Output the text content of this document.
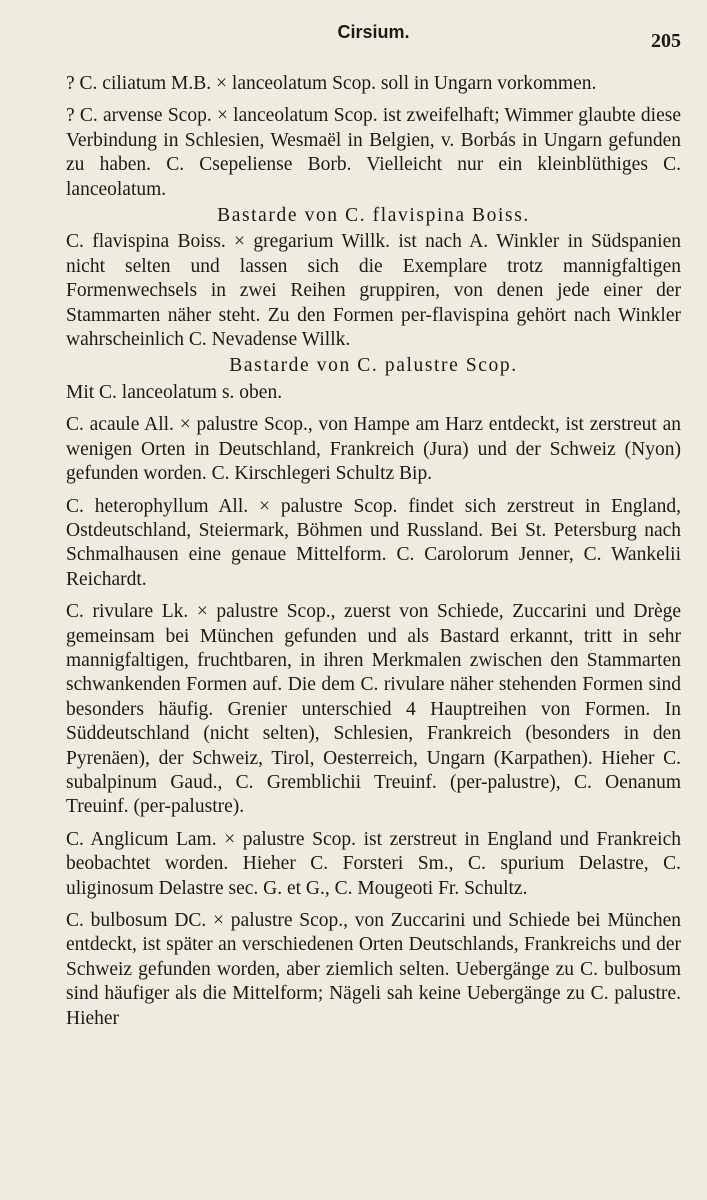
Cirsium.	205

? C. ciliatum M.B. × lanceolatum Scop. soll in Ungarn vorkommen.

? C. arvense Scop. × lanceolatum Scop. ist zweifelhaft; Wimmer glaubte diese Verbindung in Schlesien, Wesmaël in Belgien, v. Borbás in Ungarn gefunden zu haben. C. Csepeliense Borb. Vielleicht nur ein kleinblüthiges C. lanceolatum.

Bastarde von C. flavispina Boiss.

C. flavispina Boiss. × gregarium Willk. ist nach A. Winkler in Südspanien nicht selten und lassen sich die Exemplare trotz mannigfaltigen Formenwechsels in zwei Reihen gruppiren, von denen jede einer der Stammarten näher steht. Zu den Formen per-flavispina gehört nach Winkler wahrscheinlich C. Nevadense Willk.

Bastarde von C. palustre Scop.

Mit C. lanceolatum s. oben.

C. acaule All. × palustre Scop., von Hampe am Harz entdeckt, ist zerstreut an wenigen Orten in Deutschland, Frankreich (Jura) und der Schweiz (Nyon) gefunden worden. C. Kirschlegeri Schultz Bip.

C. heterophyllum All. × palustre Scop. findet sich zerstreut in England, Ostdeutschland, Steiermark, Böhmen und Russland. Bei St. Petersburg nach Schmalhausen eine genaue Mittelform. C. Carolorum Jenner, C. Wankelii Reichardt.

C. rivulare Lk. × palustre Scop., zuerst von Schiede, Zuccarini und Drège gemeinsam bei München gefunden und als Bastard erkannt, tritt in sehr mannigfaltigen, fruchtbaren, in ihren Merkmalen zwischen den Stammarten schwankenden Formen auf. Die dem C. rivulare näher stehenden Formen sind besonders häufig. Grenier unterschied 4 Hauptreihen von Formen. In Süddeutschland (nicht selten), Schlesien, Frankreich (besonders in den Pyrenäen), der Schweiz, Tirol, Oesterreich, Ungarn (Karpathen). Hieher C. subalpinum Gaud., C. Gremblichii Treuinf. (per-palustre), C. Oenanum Treuinf. (per-palustre).

C. Anglicum Lam. × palustre Scop. ist zerstreut in England und Frankreich beobachtet worden. Hieher C. Forsteri Sm., C. spurium Delastre, C. uliginosum Delastre sec. G. et G., C. Mougeoti Fr. Schultz.

C. bulbosum DC. × palustre Scop., von Zuccarini und Schiede bei München entdeckt, ist später an verschiedenen Orten Deutschlands, Frankreichs und der Schweiz gefunden worden, aber ziemlich selten. Uebergänge zu C. bulbosum sind häufiger als die Mittelform; Nägeli sah keine Uebergänge zu C. palustre. Hieher
